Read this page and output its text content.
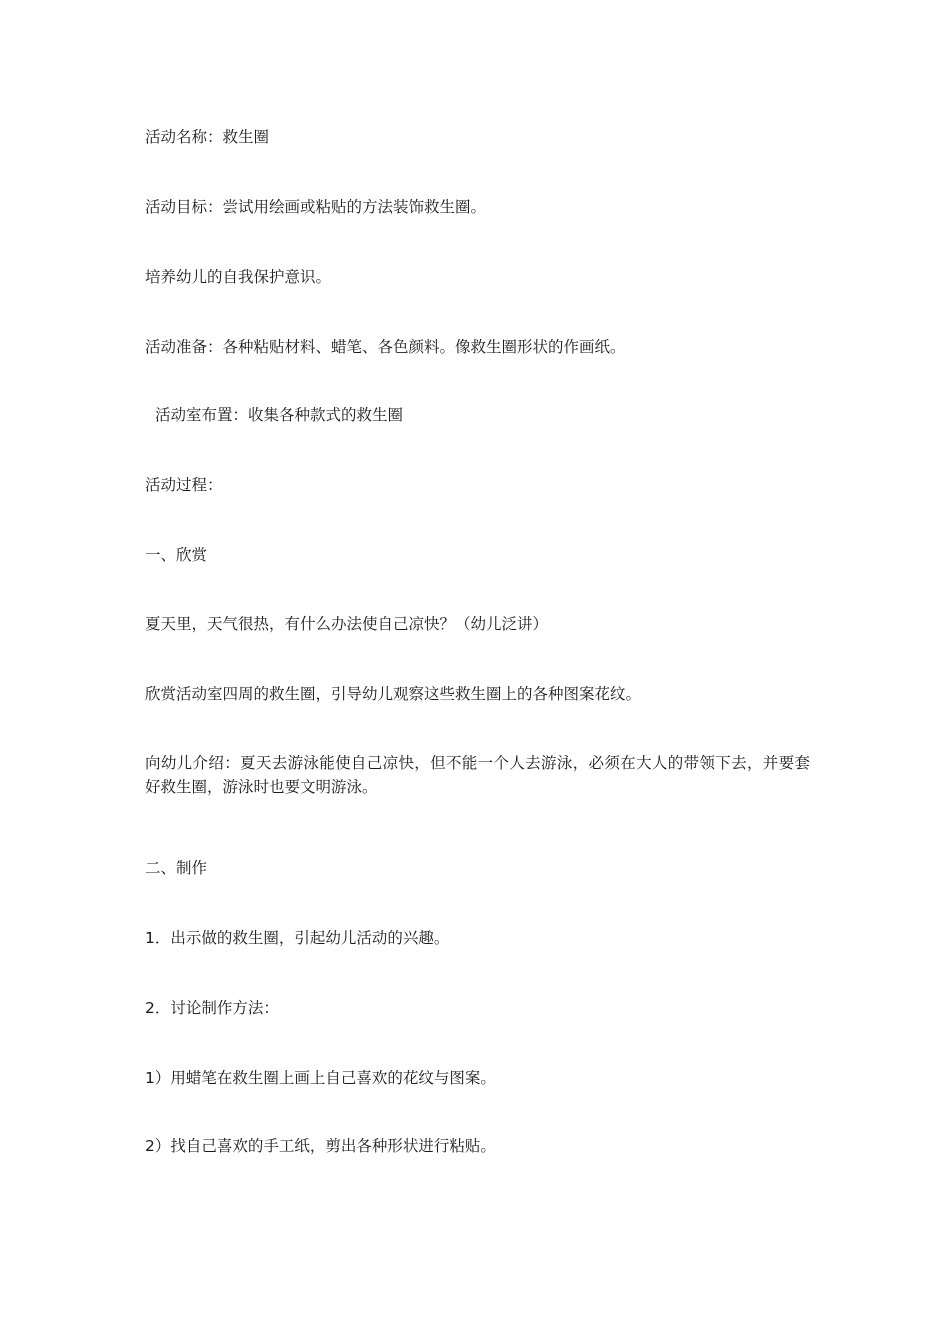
活动名称：救生圈

活动目标：尝试用绘画或粘贴的方法装饰救生圈。

培养幼儿的自我保护意识。

活动准备：各种粘贴材料、蜡笔、各色颜料。像救生圈形状的作画纸。

活动室布置：收集各种款式的救生圈

活动过程：

一、欣赏

夏天里，天气很热，有什么办法使自己凉快？（幼儿泛讲）

欣赏活动室四周的救生圈，引导幼儿观察这些救生圈上的各种图案花纹。

向幼儿介绍：夏天去游泳能使自己凉快，但不能一个人去游泳，必须在大人的带领下去，并要套好救生圈，游泳时也要文明游泳。

二、制作

1．出示做的救生圈，引起幼儿活动的兴趣。

2．讨论制作方法：

1）用蜡笔在救生圈上画上自己喜欢的花纹与图案。

2）找自己喜欢的手工纸，剪出各种形状进行粘贴。
